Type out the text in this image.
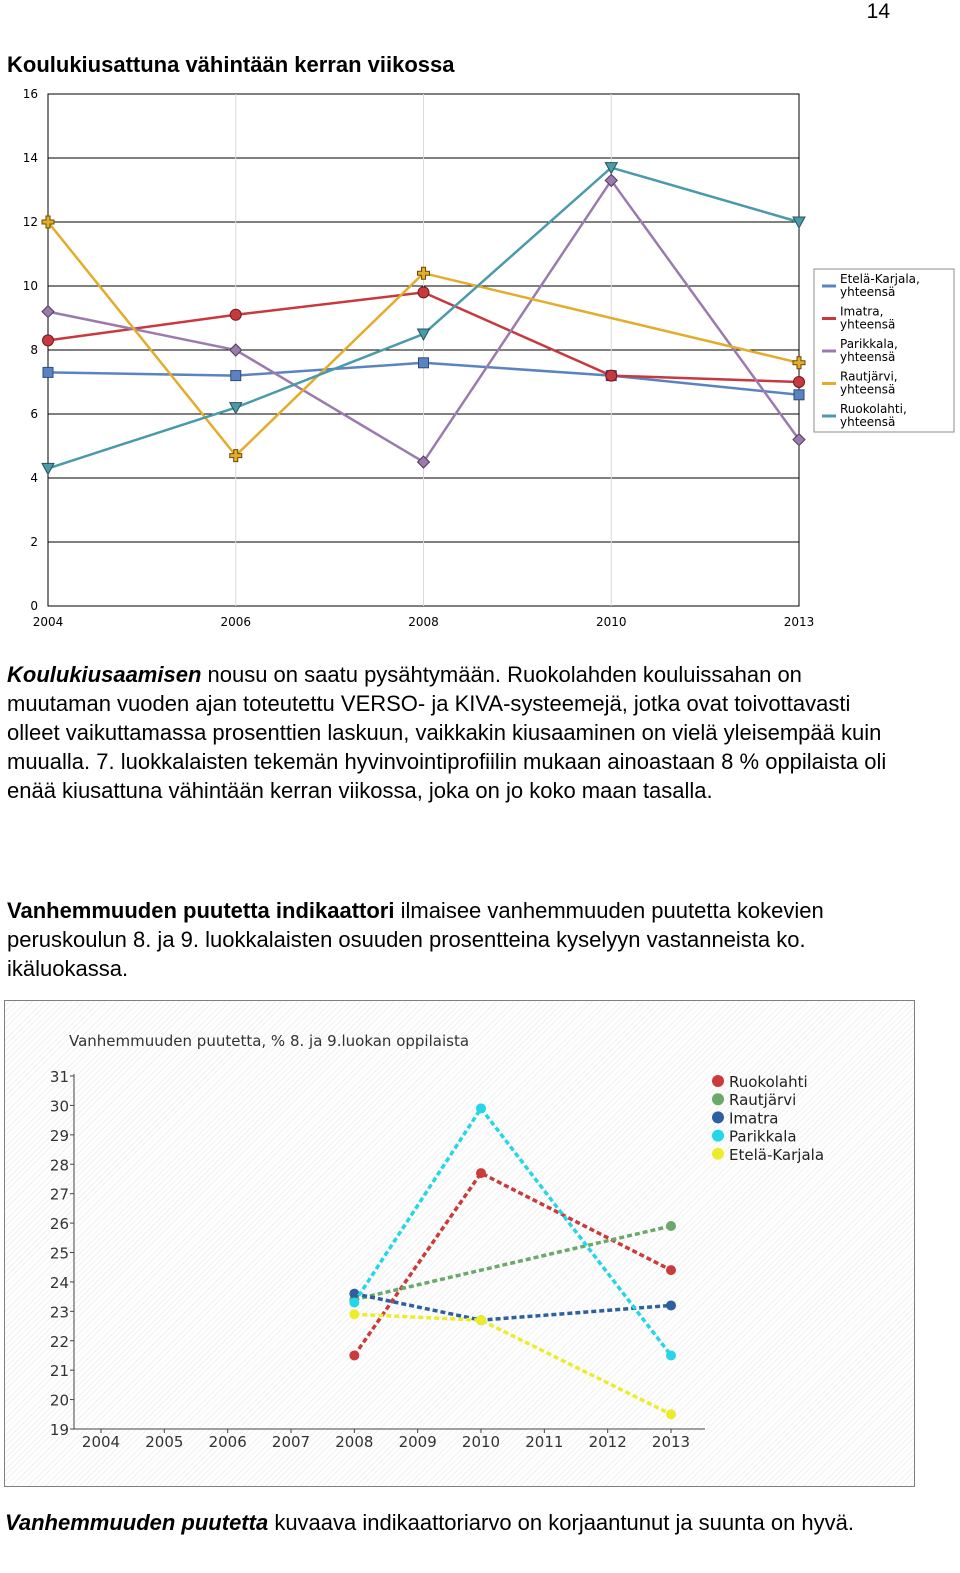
14
Koulukiusattuna vähintään kerran viikossa
0
2
4
6
8
10
12
14
16
2004	2006	2008	2010	2013
Etelä-Karjala,
yhteensä
Imatra,
yhteensä
Parikkala,
yhteensä
Rautjärvi,
yhteensä
Ruokolahti,
yhteensä

Koulukiusaamisen nousu on saatu pysähtymään. Ruokolahden kouluissahan on muutaman vuoden ajan toteutettu VERSO- ja KIVA-systeemejä, jotka ovat toivottavasti olleet vaikuttamassa prosenttien laskuun, vaikkakin kiusaaminen on vielä yleisempää kuin muualla. 7. luokkalaisten tekemän hyvinvointiprofiilin mukaan ainoastaan 8 % oppilaista oli enää kiusattuna vähintään kerran viikossa, joka on jo koko maan tasalla.

Vanhemmuuden puutetta indikaattori ilmaisee vanhemmuuden puutetta kokevien peruskoulun 8. ja 9. luokkalaisten osuuden prosentteina kyselyyn vastanneista ko. ikäluokassa.

Vanhemmuuden puutetta, % 8. ja 9.luokan oppilaista
19
20
21
22
23
24
25
26
27
28
29
30
31
2004 2005 2006 2007 2008 2009 2010 2011 2012 2013
Ruokolahti
Rautjärvi
Imatra
Parikkala
Etelä-Karjala

Vanhemmuuden puutetta kuvaava indikaattoriarvo on korjaantunut ja suunta on hyvä.
